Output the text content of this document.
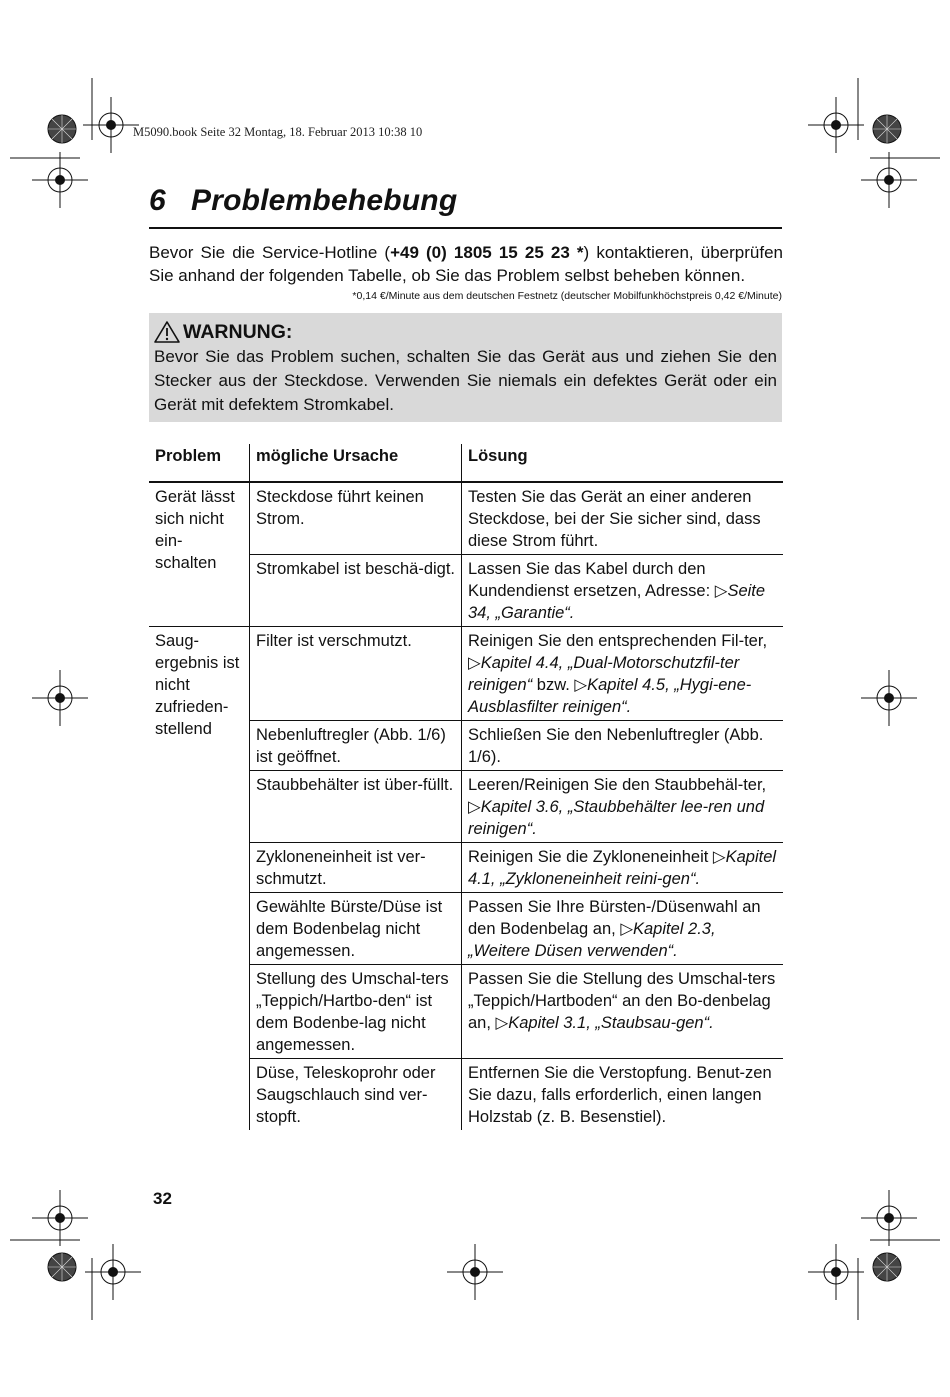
M5090.book Seite 32 Montag, 18. Februar 2013 10:38 10
6 Problembehebung
Bevor Sie die Service-Hotline (+49 (0) 1805 15 25 23 *) kontaktieren, überprüfen Sie anhand der folgenden Tabelle, ob Sie das Problem selbst beheben können.
*0,14 €/Minute aus dem deutschen Festnetz (deutscher Mobilfunkhöchstpreis 0,42 €/Minute)
WARNUNG:
Bevor Sie das Problem suchen, schalten Sie das Gerät aus und ziehen Sie den Stecker aus der Steckdose. Verwenden Sie niemals ein defektes Gerät oder ein Gerät mit defektem Stromkabel.
Problem	mögliche Ursache	Lösung
Gerät lässt sich nicht ein-schalten	Steckdose führt keinen Strom.	Testen Sie das Gerät an einer anderen Steckdose, bei der Sie sicher sind, dass diese Strom führt.
	Stromkabel ist beschä-digt.	Lassen Sie das Kabel durch den Kundendienst ersetzen, Adresse: ▷Seite 34, „Garantie“.
Saug-ergebnis ist nicht zufrieden-stellend	Filter ist verschmutzt.	Reinigen Sie den entsprechenden Fil-ter, ▷Kapitel 4.4, „Dual-Motorschutzfil-ter reinigen“ bzw. ▷Kapitel 4.5, „Hygi-ene-Ausblasfilter reinigen“.
	Nebenluftregler (Abb. 1/6) ist geöffnet.	Schließen Sie den Nebenluftregler (Abb. 1/6).
	Staubbehälter ist über-füllt.	Leeren/Reinigen Sie den Staubbehäl-ter, ▷Kapitel 3.6, „Staubbehälter lee-ren und reinigen“.
	Zykloneneinheit ist ver-schmutzt.	Reinigen Sie die Zykloneneinheit ▷Kapitel 4.1, „Zykloneneinheit reini-gen“.
	Gewählte Bürste/Düse ist dem Bodenbelag nicht angemessen.	Passen Sie Ihre Bürsten-/Düsenwahl an den Bodenbelag an, ▷Kapitel 2.3, „Weitere Düsen verwenden“.
	Stellung des Umschal-ters „Teppich/Hartbo-den“ ist dem Bodenbe-lag nicht angemessen.	Passen Sie die Stellung des Umschal-ters „Teppich/Hartboden“ an den Bo-denbelag an, ▷Kapitel 3.1, „Staubsau-gen“.
	Düse, Teleskoprohr oder Saugschlauch sind ver-stopft.	Entfernen Sie die Verstopfung. Benut-zen Sie dazu, falls erforderlich, einen langen Holzstab (z. B. Besenstiel).
32
